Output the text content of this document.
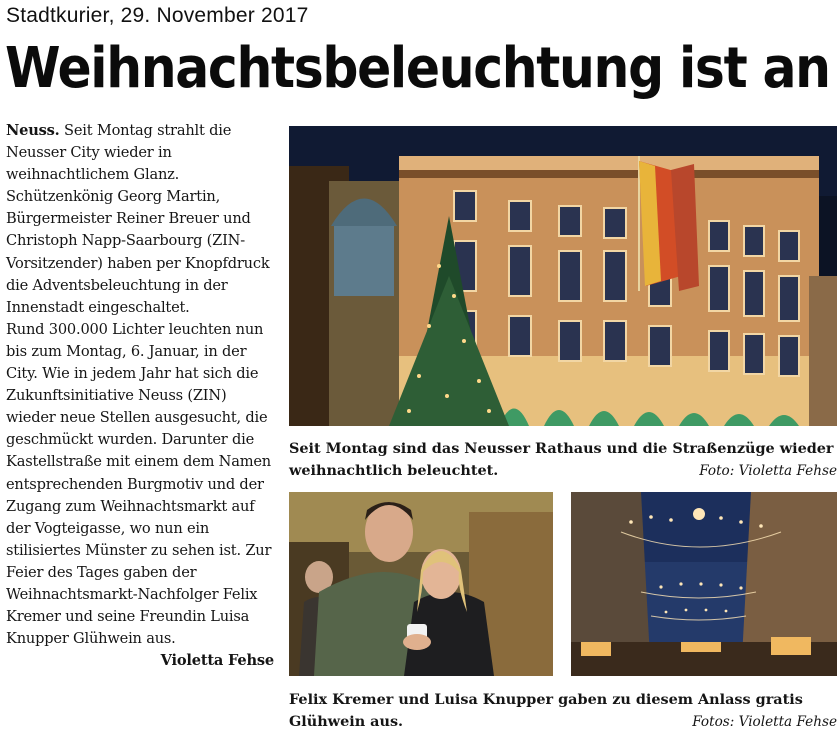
Stadtkurier, 29. November 2017
Weihnachtsbeleuchtung ist an

Neuss. Seit Montag strahlt die Neusser City wieder in weihnachtlichem Glanz. Schützenkönig Georg Martin, Bürgermeister Reiner Breuer und Christoph Napp-Saarbourg (ZIN-Vorsitzender) haben per Knopfdruck die Adventsbeleuchtung in der Innenstadt eingeschaltet.

Rund 300.000 Lichter leuchten nun bis zum Montag, 6. Januar, in der City. Wie in jedem Jahr hat sich die Zukunftsinitiative Neuss (ZIN) wieder neue Stellen ausgesucht, die geschmückt wurden. Darunter die Kastellstraße mit einem dem Namen entsprechenden Burgmotiv und der Zugang zum Weihnachtsmarkt auf der Vogteigasse, wo nun ein stilisiertes Münster zu sehen ist. Zur Feier des Tages gaben der Weihnachtsmarkt-Nachfolger Felix Kremer und seine Freundin Luisa Knupper Glühwein aus.
Violetta Fehse

Seit Montag sind das Neusser Rathaus und die Straßenzüge wieder weihnachtlich beleuchtet.	Foto: Violetta Fehse
Felix Kremer und Luisa Knupper gaben zu diesem Anlass gratis Glühwein aus.	Fotos: Violetta Fehse
